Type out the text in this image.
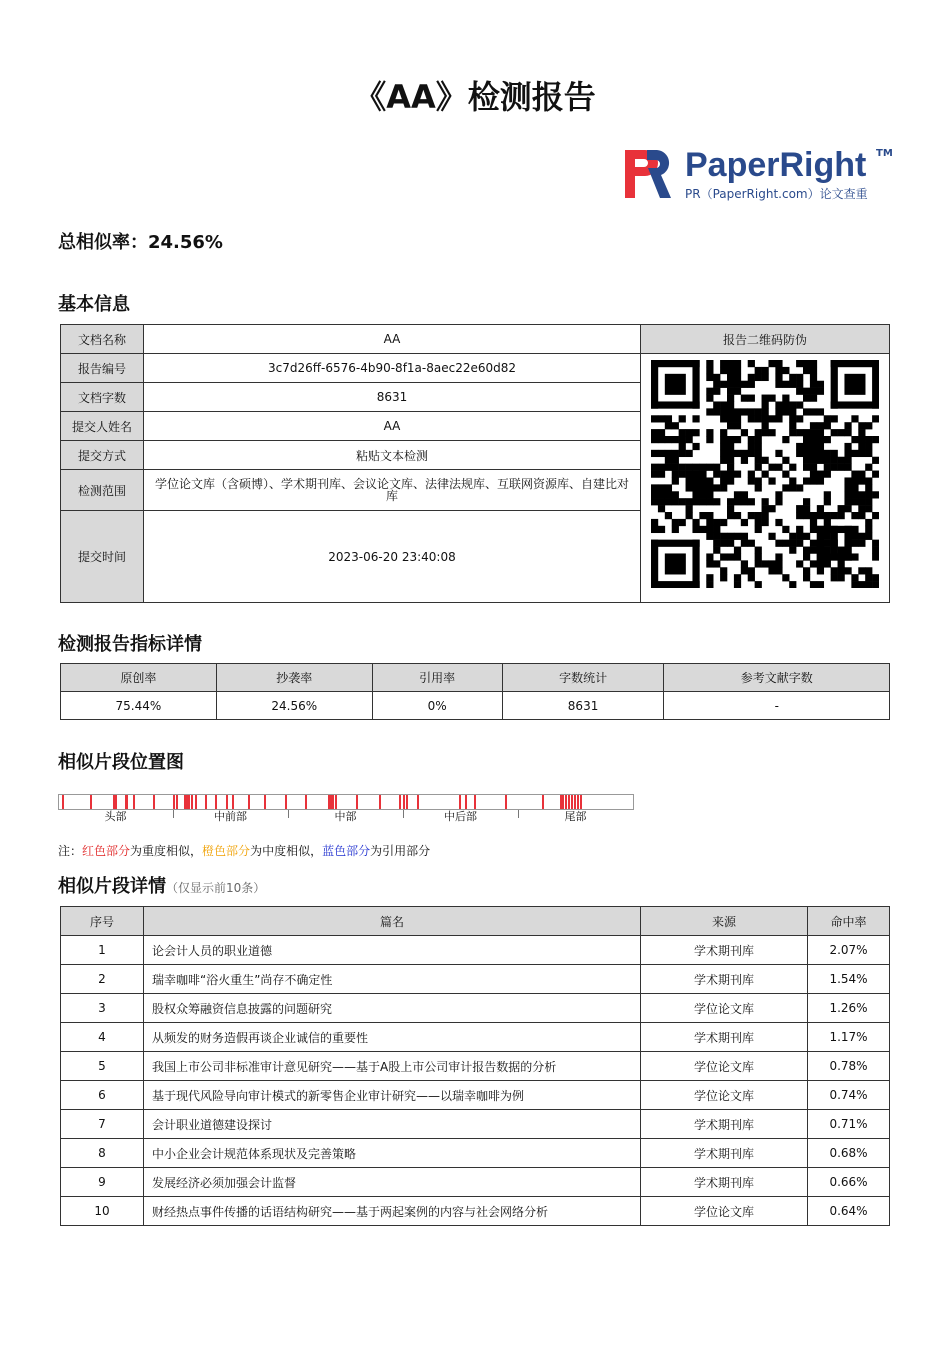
《AA》检测报告
PaperRight TM
PR（PaperRight.com）论文查重
总相似率：24.56%
基本信息
文档名称	AA	报告二维码防伪
报告编号	3c7d26ff-6576-4b90-8f1a-8aec22e60d82	
文档字数	8631	
提交人姓名	AA	
提交方式	粘贴文本检测	
检测范围	学位论文库（含硕博）、学术期刊库、会议论文库、法律法规库、互联网资源库、自建比对库	
提交时间	2023-06-20 23:40:08	
检测报告指标详情
原创率	抄袭率	引用率	字数统计	参考文献字数
75.44%	24.56%	0%	8631	-
相似片段位置图
头部	中前部	中部	中后部	尾部
注：红色部分为重度相似，橙色部分为中度相似，蓝色部分为引用部分
相似片段详情（仅显示前10条）
序号	篇名	来源	命中率
1	论会计人员的职业道德	学术期刊库	2.07%
2	瑞幸咖啡“浴火重生”尚存不确定性	学术期刊库	1.54%
3	股权众筹融资信息披露的问题研究	学位论文库	1.26%
4	从频发的财务造假再谈企业诚信的重要性	学术期刊库	1.17%
5	我国上市公司非标准审计意见研究——基于A股上市公司审计报告数据的分析	学位论文库	0.78%
6	基于现代风险导向审计模式的新零售企业审计研究——以瑞幸咖啡为例	学位论文库	0.74%
7	会计职业道德建设探讨	学术期刊库	0.71%
8	中小企业会计规范体系现状及完善策略	学术期刊库	0.68%
9	发展经济必须加强会计监督	学术期刊库	0.66%
10	财经热点事件传播的话语结构研究——基于两起案例的内容与社会网络分析	学位论文库	0.64%
